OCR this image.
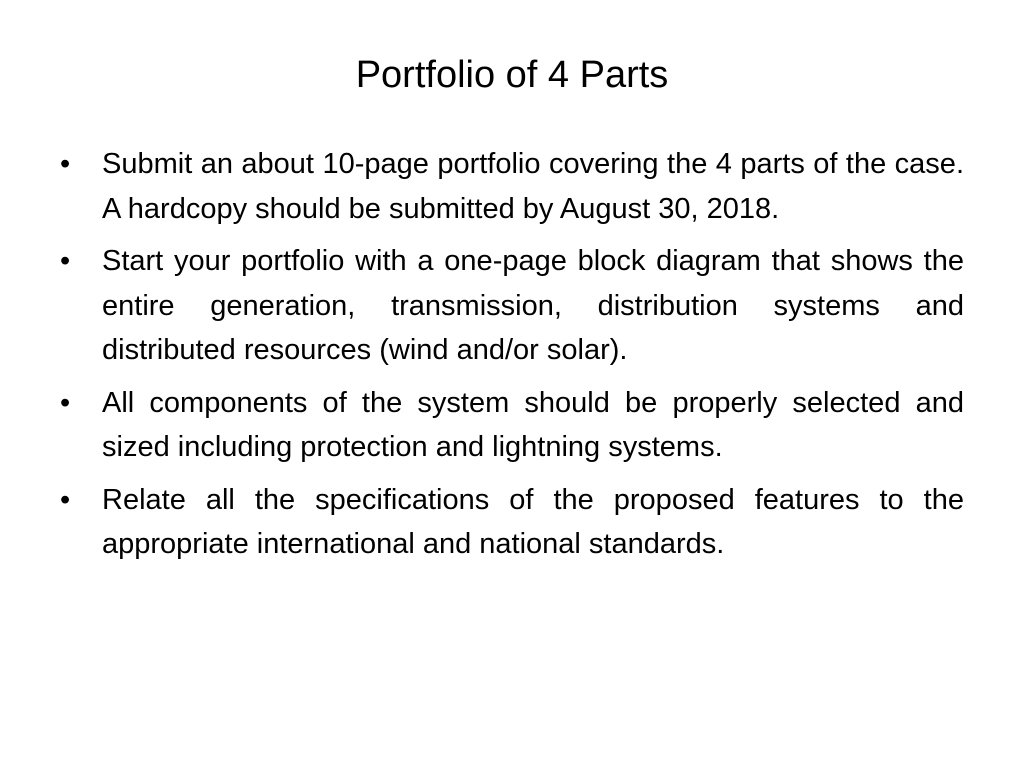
Portfolio of 4 Parts
•	Submit an about 10-page portfolio covering the 4 parts of the case. A hardcopy should be submitted by August 30, 2018.
•	Start your portfolio with a one-page block diagram that shows the entire generation, transmission, distribution systems and distributed resources (wind and/or solar).
•	All components of the system should be properly selected and sized including protection and lightning systems.
•	Relate all the specifications of the proposed features to the appropriate international and national standards.
